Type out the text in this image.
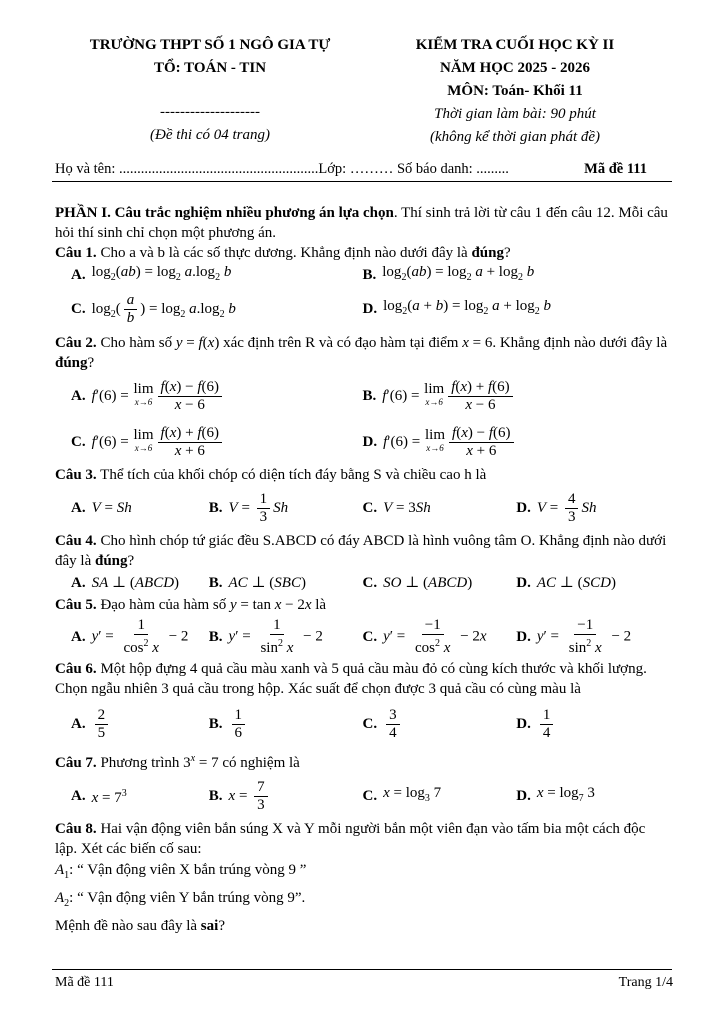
TRƯỜNG THPT SỐ 1 NGÔ GIA TỰ
TỔ: TOÁN - TIN
--------------------
(Đề thi có 04 trang)
KIỂM TRA CUỐI HỌC KỲ II
NĂM HỌC 2025 - 2026
MÔN: Toán- Khối 11
Thời gian làm bài: 90 phút
(không kể thời gian phát đề)
Họ và tên: .......................................................Lớp: ……… Số báo danh: .........	Mã đề 111

PHẦN I. Câu trắc nghiệm nhiều phương án lựa chọn. Thí sinh trả lời từ câu 1 đến câu 12. Mỗi câu hỏi thí sinh chỉ chọn một phương án.

Câu 1. Cho a và b là các số thực dương. Khẳng định nào dưới đây là đúng?

A. $\log_2(ab) = \log_2 a.\log_2$ b	B. $\log_2(ab) = \log_2 a + \log_2 b$
C. $\log_2( \frac{a}{b}$ ) = $\log_2 a.\log_2$ b	D. $\log_2(a + b) = \log_2 a + \log_2 b$

Câu 2. Cho hàm số y = f(x) xác định trên R và có đạo hàm tại điểm x = 6. Khẳng định nào dưới đây là đúng?

A. f′(6) = lim
$x\to 6 \frac{f(x) - f(6)}{x - 6}$	B. f′(6) = lim
$x\to 6 \frac{f(x) + f(6)}{x - 6}$
C. f′(6) = lim
$x\to 6 \frac{f(x) + f(6)}{x + 6}$	D. f′(6) = lim
$x\to 6 \frac{f(x) - f(6)}{x + 6}$

Câu 3. Thể tích của khối chóp có diện tích đáy bằng S và chiều cao h là

A. V = Sh	B. $V = \frac{1}{3}$ Sh	C. V = 3Sh	D. $V = \frac{4}{3}$ Sh

Câu 4. Cho hình chóp tứ giác đều S.ABCD có đáy ABCD là hình vuông tâm O. Khẳng định nào dưới đây là đúng?

A. SA ⊥ (ABCD) B. AC ⊥ (SBC)	C. SO ⊥ (ABCD)	D. AC ⊥ (SCD)

Câu 5. Đạo hàm của hàm số y = tan x − 2x là

A. $y' = \frac{1}{\cos^2 x} - 2$ B. $y' = \frac{1}{\sin^2 x} - 2$	C. $y' = \frac{-1}{\cos^2 x} - 2x$ D. $y' = \frac{-1}{\sin^2 x} - 2$

Câu 6. Một hộp đựng 4 quả cầu màu xanh và 5 quả cầu màu đỏ có cùng kích thước và khối lượng. Chọn ngẫu nhiên 3 quả cầu trong hộp. Xác suất để chọn được 3 quả cầu có cùng màu là

A. $\frac{2}{5}$	B. $\frac{1}{6}$	C. $\frac{3}{4}$	D. $\frac{1}{4}$

Câu 7. Phương trình $3^x = 7$ có nghiệm là

A. $x = 7^3$	B. $x = \frac{7}{3}$	C. $x = \log_3 7$	D. $x = \log_7 3$

Câu 8. Hai vận động viên bắn súng X và Y mỗi người bắn một viên đạn vào tấm bia một cách độc lập. Xét các biến cố sau:

$A_1$: “ Vận động viên X bắn trúng vòng 9 ”

$A_2$: “ Vận động viên Y bắn trúng vòng 9”.

Mệnh đề nào sau đây là sai?

Mã đề 111	Trang 1/4
